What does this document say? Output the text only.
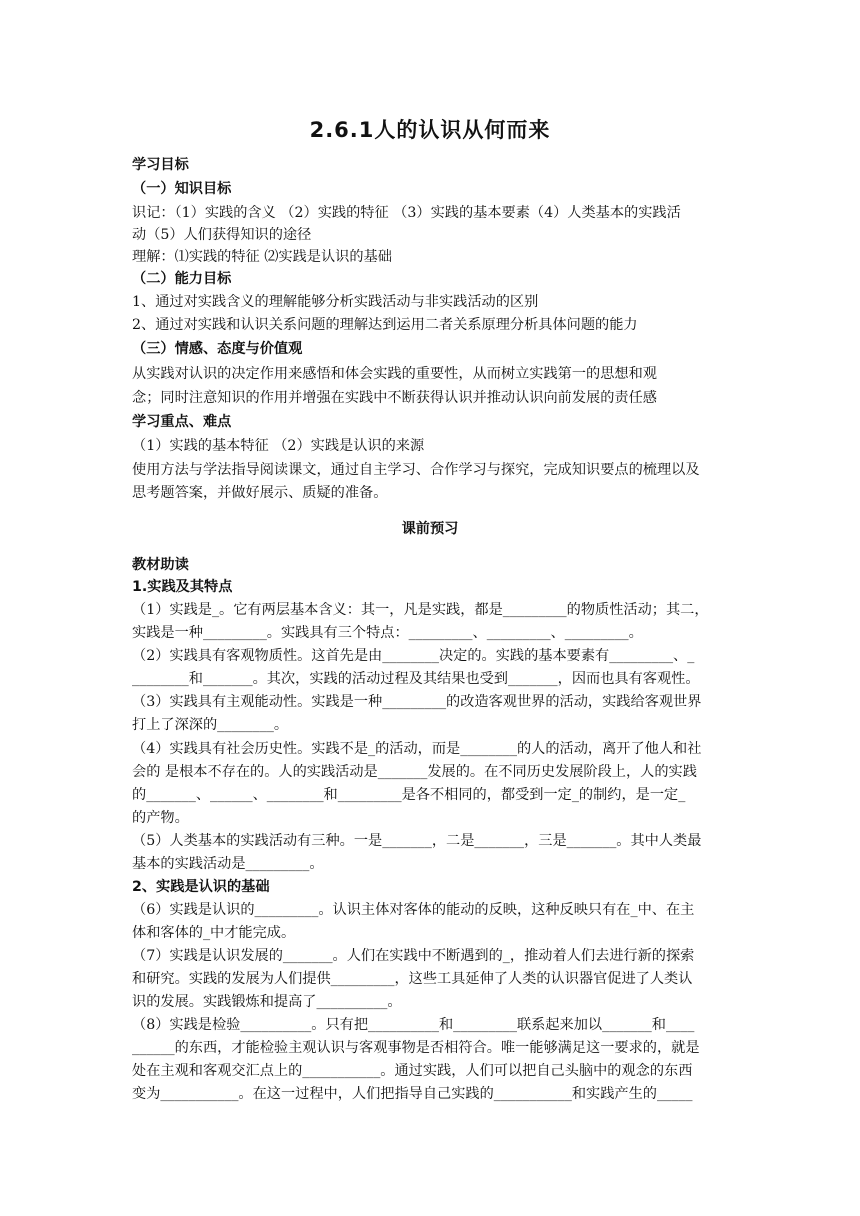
2.6.1人的认识从何而来
学习目标
（一）知识目标
识记：（1）实践的含义 （2）实践的特征 （3）实践的基本要素（4）人类基本的实践活
动（5）人们获得知识的途径
理解：⑴实践的特征 ⑵实践是认识的基础
（二）能力目标
1、通过对实践含义的理解能够分析实践活动与非实践活动的区别
2、通过对实践和认识关系问题的理解达到运用二者关系原理分析具体问题的能力
（三）情感、态度与价值观
从实践对认识的决定作用来感悟和体会实践的重要性，从而树立实践第一的思想和观
念；同时注意知识的作用并增强在实践中不断获得认识并推动认识向前发展的责任感
学习重点、难点
（1）实践的基本特征 （2）实践是认识的来源
使用方法与学法指导阅读课文，通过自主学习、合作学习与探究，完成知识要点的梳理以及
思考题答案，并做好展示、质疑的准备。
课前预习
教材助读
1.实践及其特点
（1）实践是_。它有两层基本含义：其一，凡是实践，都是_________的物质性活动；其二，
实践是一种_________。实践具有三个特点：_________、_________、_________。
（2）实践具有客观物质性。这首先是由________决定的。实践的基本要素有_________、_
________和_______。其次，实践的活动过程及其结果也受到_______，因而也具有客观性。
（3）实践具有主观能动性。实践是一种_________的改造客观世界的活动，实践给客观世界
打上了深深的________。
（4）实践具有社会历史性。实践不是_的活动，而是________的人的活动，离开了他人和社
会的 是根本不存在的。人的实践活动是_______发展的。在不同历史发展阶段上，人的实践
的_______、______、________和_________是各不相同的，都受到一定_的制约，是一定_
的产物。
（5）人类基本的实践活动有三种。一是_______，二是_______，三是_______。其中人类最
基本的实践活动是_________。
2、实践是认识的基础
（6）实践是认识的_________。认识主体对客体的能动的反映，这种反映只有在_中、在主
体和客体的_中才能完成。
（7）实践是认识发展的_______。人们在实践中不断遇到的_，推动着人们去进行新的探索
和研究。实践的发展为人们提供_________，这些工具延伸了人类的认识器官促进了人类认
识的发展。实践锻炼和提高了__________。
（8）实践是检验__________。只有把__________和_________联系起来加以_______和____
______的东西，才能检验主观认识与客观事物是否相符合。唯一能够满足这一要求的，就是
处在主观和客观交汇点上的___________。通过实践，人们可以把自己头脑中的观念的东西
变为___________。在这一过程中，人们把指导自己实践的___________和实践产生的_____
